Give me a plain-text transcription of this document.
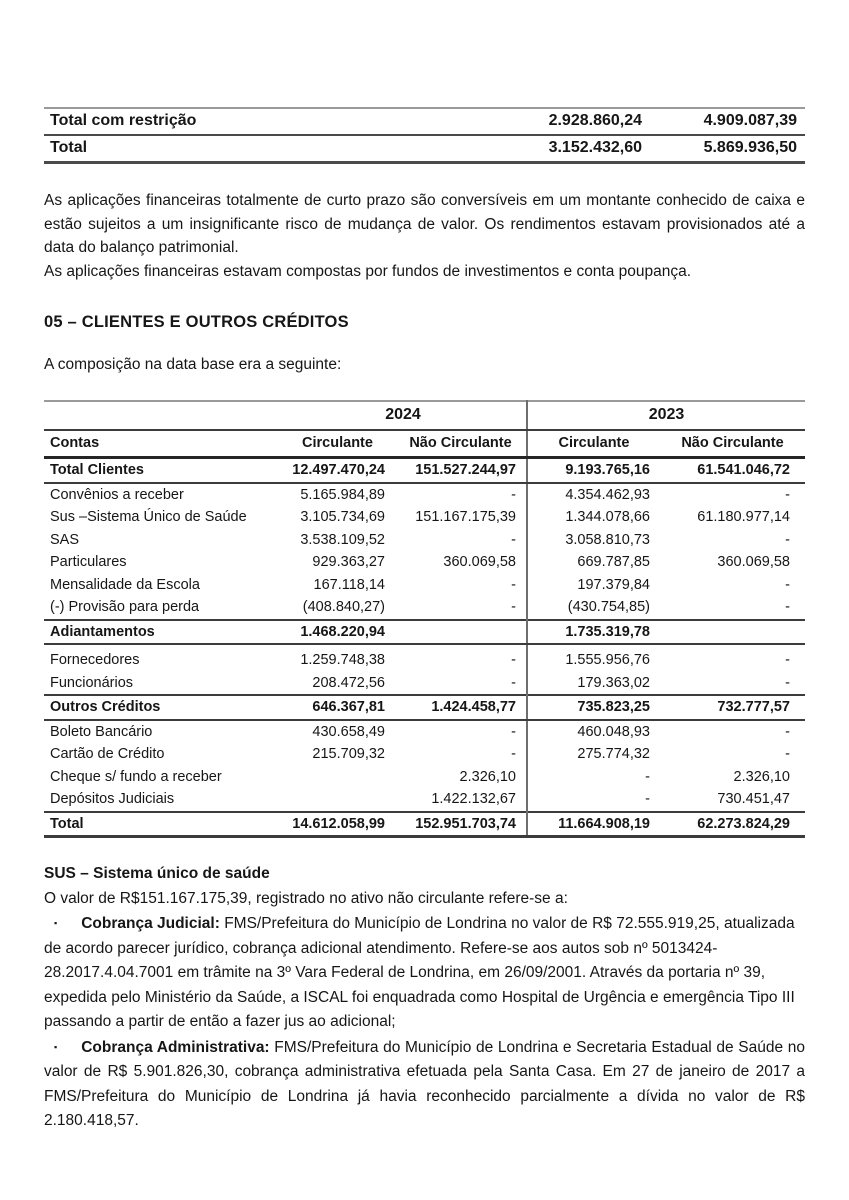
Total com restrição	2.928.860,24	4.909.087,39
Total	3.152.432,60	5.869.936,50

As aplicações financeiras totalmente de curto prazo são conversíveis em um montante conhecido de caixa e estão sujeitos a um insignificante risco de mudança de valor. Os rendimentos estavam provisionados até a data do balanço patrimonial.

As aplicações financeiras estavam compostas por fundos de investimentos e conta poupança.

05 – CLIENTES E OUTROS CRÉDITOS

A composição na data base era a seguinte:

	2024		2023	
Contas	Circulante	Não Circulante	Circulante	Não Circulante
Total Clientes	12.497.470,24	151.527.244,97	9.193.765,16	61.541.046,72
Convênios a receber	5.165.984,89	-	4.354.462,93	-
Sus –Sistema Único de Saúde	3.105.734,69	151.167.175,39	1.344.078,66	61.180.977,14
SAS	3.538.109,52	-	3.058.810,73	-
Particulares	929.363,27	360.069,58	669.787,85	360.069,58
Mensalidade da Escola	167.118,14	-	197.379,84	-
(-) Provisão para perda	(408.840,27)	-	(430.754,85)	-
Adiantamentos	1.468.220,94		1.735.319,78	
Fornecedores	1.259.748,38	-	1.555.956,76	-
Funcionários	208.472,56	-	179.363,02	-
Outros Créditos	646.367,81	1.424.458,77	735.823,25	732.777,57
Boleto Bancário	430.658,49	-	460.048,93	-
Cartão de Crédito	215.709,32	-	275.774,32	-
Cheque s/ fundo a receber		2.326,10	-	2.326,10
Depósitos Judiciais		1.422.132,67	-	730.451,47
Total	14.612.058,99	152.951.703,74	11.664.908,19	62.273.824,29
SUS – Sistema único de saúde

O valor de R$151.167.175,39, registrado no ativo não circulante refere-se a:

▪ Cobrança Judicial: FMS/Prefeitura do Município de Londrina no valor de R$ 72.555.919,25, atualizada de acordo parecer jurídico, cobrança adicional atendimento. Refere-se aos autos sob nº 5013424-28.2017.4.04.7001 em trâmite na 3º Vara Federal de Londrina, em 26/09/2001. Através da portaria nº 39, expedida pelo Ministério da Saúde, a ISCAL foi enquadrada como Hospital de Urgência e emergência Tipo III passando a partir de então a fazer jus ao adicional;

▪ Cobrança Administrativa: FMS/Prefeitura do Município de Londrina e Secretaria Estadual de Saúde no valor de R$ 5.901.826,30, cobrança administrativa efetuada pela Santa Casa. Em 27 de janeiro de 2017 a FMS/Prefeitura do Município de Londrina já havia reconhecido parcialmente a dívida no valor de R$ 2.180.418,57.
